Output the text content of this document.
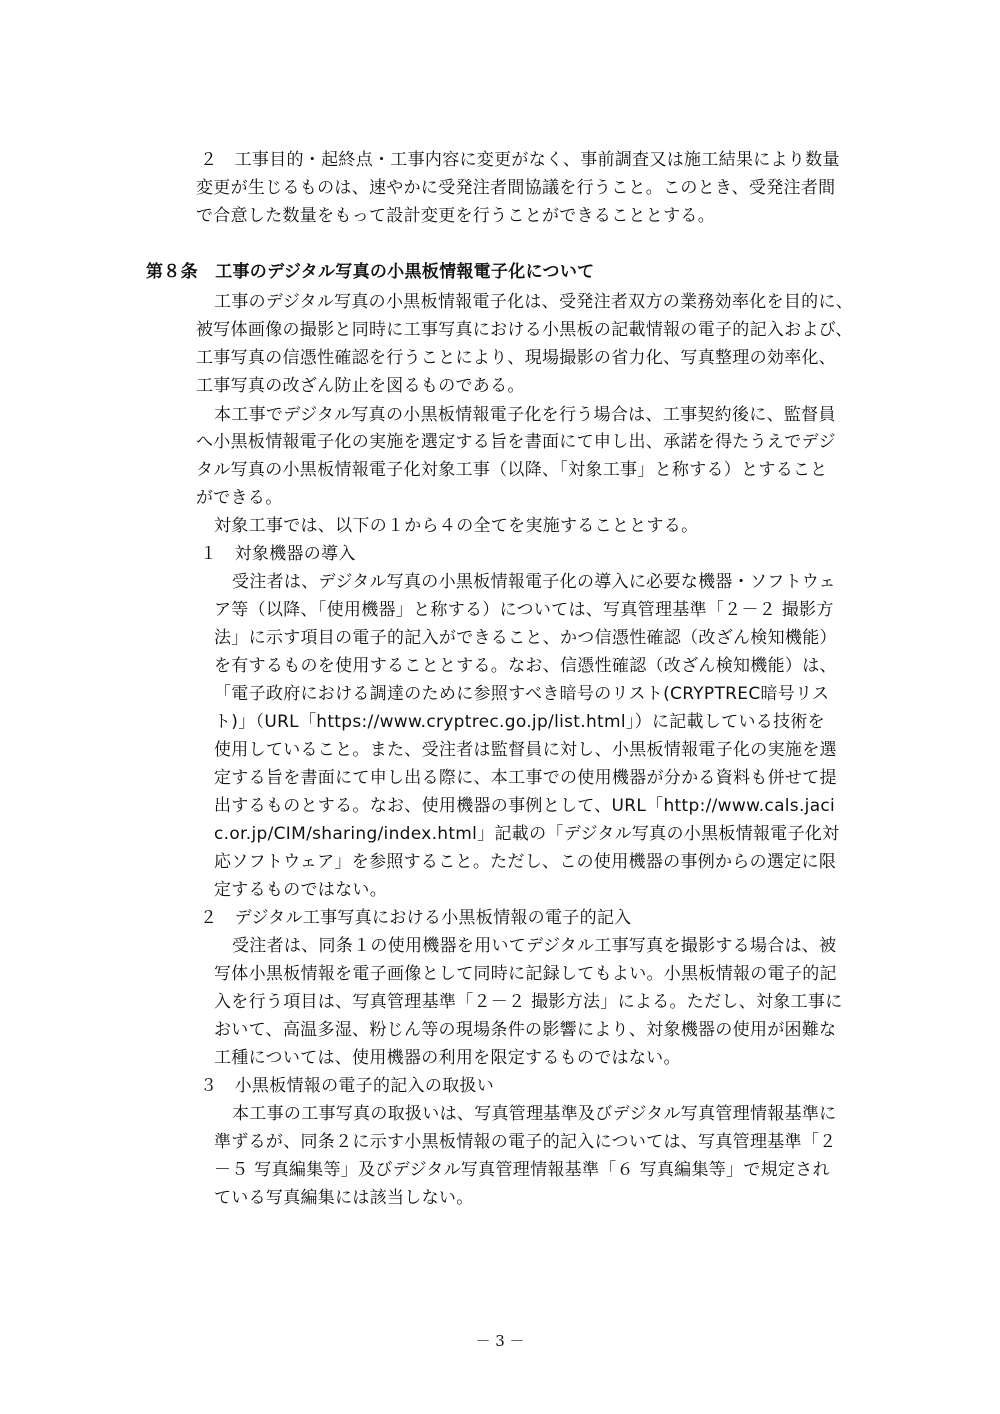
２　工事目的・起終点・工事内容に変更がなく、事前調査又は施工結果により数量

変更が生じるものは、速やかに受発注者間協議を行うこと。このとき、受発注者間

で合意した数量をもって設計変更を行うことができることとする。

第８条　工事のデジタル写真の小黒板情報電子化について

工事のデジタル写真の小黒板情報電子化は、受発注者双方の業務効率化を目的に、

被写体画像の撮影と同時に工事写真における小黒板の記載情報の電子的記入および、

工事写真の信憑性確認を行うことにより、現場撮影の省力化、写真整理の効率化、

工事写真の改ざん防止を図るものである。

本工事でデジタル写真の小黒板情報電子化を行う場合は、工事契約後に、監督員

へ小黒板情報電子化の実施を選定する旨を書面にて申し出、承諾を得たうえでデジ

タル写真の小黒板情報電子化対象工事（以降、「対象工事」と称する）とすること

ができる。

対象工事では、以下の１から４の全てを実施することとする。

１　対象機器の導入

受注者は、デジタル写真の小黒板情報電子化の導入に必要な機器・ソフトウェ

ア等（以降、「使用機器」と称する）については、写真管理基準「２－２ 撮影方

法」に示す項目の電子的記入ができること、かつ信憑性確認（改ざん検知機能）

を有するものを使用することとする。なお、信憑性確認（改ざん検知機能）は、

「電子政府における調達のために参照すべき暗号のリスト(CRYPTREC暗号リス

ト)」（URL「https://www.cryptrec.go.jp/list.html」）に記載している技術を

使用していること。また、受注者は監督員に対し、小黒板情報電子化の実施を選

定する旨を書面にて申し出る際に、本工事での使用機器が分かる資料も併せて提

出するものとする。なお、使用機器の事例として、URL「http://www.cals.jaci

c.or.jp/CIM/sharing/index.html」記載の「デジタル写真の小黒板情報電子化対

応ソフトウェア」を参照すること。ただし、この使用機器の事例からの選定に限

定するものではない。

２　デジタル工事写真における小黒板情報の電子的記入

受注者は、同条１の使用機器を用いてデジタル工事写真を撮影する場合は、被

写体小黒板情報を電子画像として同時に記録してもよい。小黒板情報の電子的記

入を行う項目は、写真管理基準「２－２ 撮影方法」による。ただし、対象工事に

おいて、高温多湿、粉じん等の現場条件の影響により、対象機器の使用が困難な

工種については、使用機器の利用を限定するものではない。

３　小黒板情報の電子的記入の取扱い

本工事の工事写真の取扱いは、写真管理基準及びデジタル写真管理情報基準に

準ずるが、同条２に示す小黒板情報の電子的記入については、写真管理基準「２

－５ 写真編集等」及びデジタル写真管理情報基準「６ 写真編集等」で規定され

ている写真編集には該当しない。

－ 3 －
